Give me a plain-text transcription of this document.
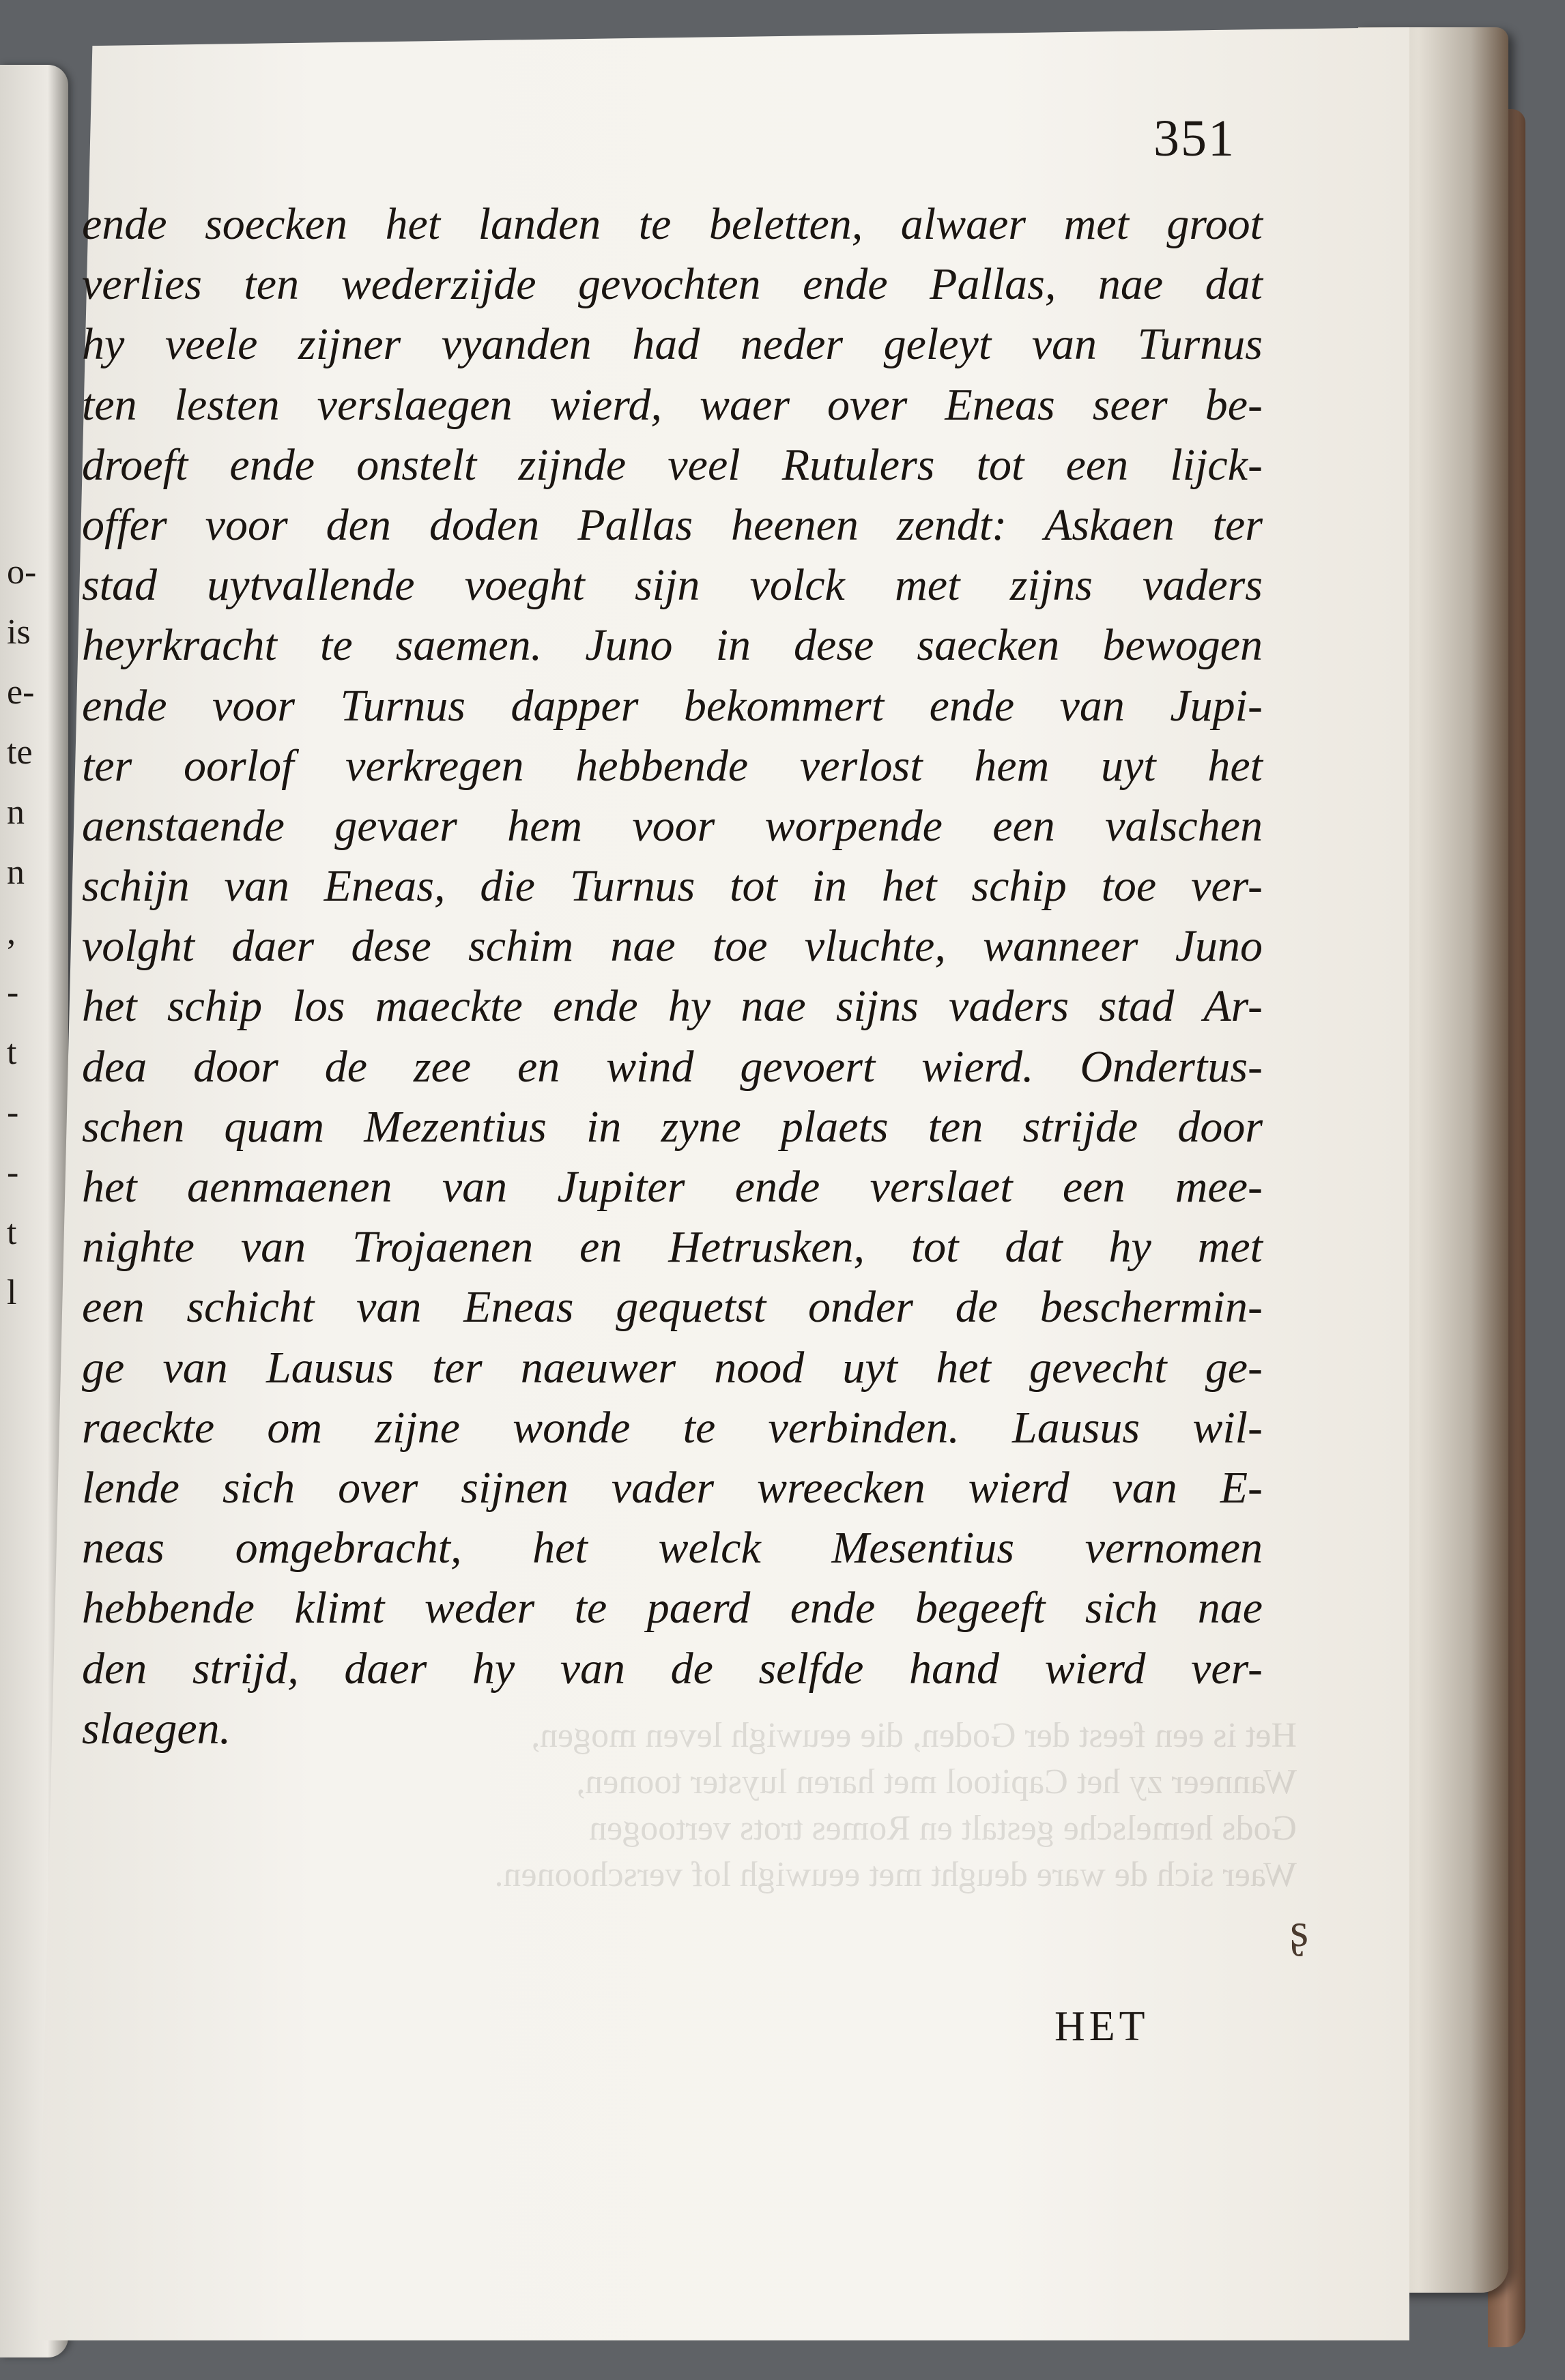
o-
is
e-
te
n
n
,
-
t
-
-
t
l
Het is een feest der Goden, die eeuwigh leven mogen,
Wanneer zy het Capitool met haren luyster toonen,
Gods hemelsche gestalt en Romes trots vertoogen
Waer sich de ware deught met eeuwigh lof verschoonen.
351
ende soecken het landen te beletten, alwaer met groot
verlies ten wederzijde gevochten ende Pallas, nae dat
hy veele zijner vyanden had neder geleyt van Turnus
ten lesten verslaegen wierd, waer over Eneas seer be-
droeft ende onstelt zijnde veel Rutulers tot een lijck-
offer voor den doden Pallas heenen zendt: Askaen ter
stad uytvallende voeght sijn volck met zijns vaders
heyrkracht te saemen. Juno in dese saecken bewogen
ende voor Turnus dapper bekommert ende van Jupi-
ter oorlof verkregen hebbende verlost hem uyt het
aenstaende gevaer hem voor worpende een valschen
schijn van Eneas, die Turnus tot in het schip toe ver-
volght daer dese schim nae toe vluchte, wanneer Juno
het schip los maeckte ende hy nae sijns vaders stad Ar-
dea door de zee en wind gevoert wierd. Ondertus-
schen quam Mezentius in zyne plaets ten strijde door
het aenmaenen van Jupiter ende verslaet een mee-
nighte van Trojaenen en Hetrusken, tot dat hy met
een schicht van Eneas gequetst onder de beschermin-
ge van Lausus ter naeuwer nood uyt het gevecht ge-
raeckte om zijne wonde te verbinden. Lausus wil-
lende sich over sijnen vader wreecken wierd van E-
neas omgebracht, het welck Mesentius vernomen
hebbende klimt weder te paerd ende begeeft sich nae
den strijd, daer hy van de selfde hand wierd ver-
slaegen.
ʂ
HET
